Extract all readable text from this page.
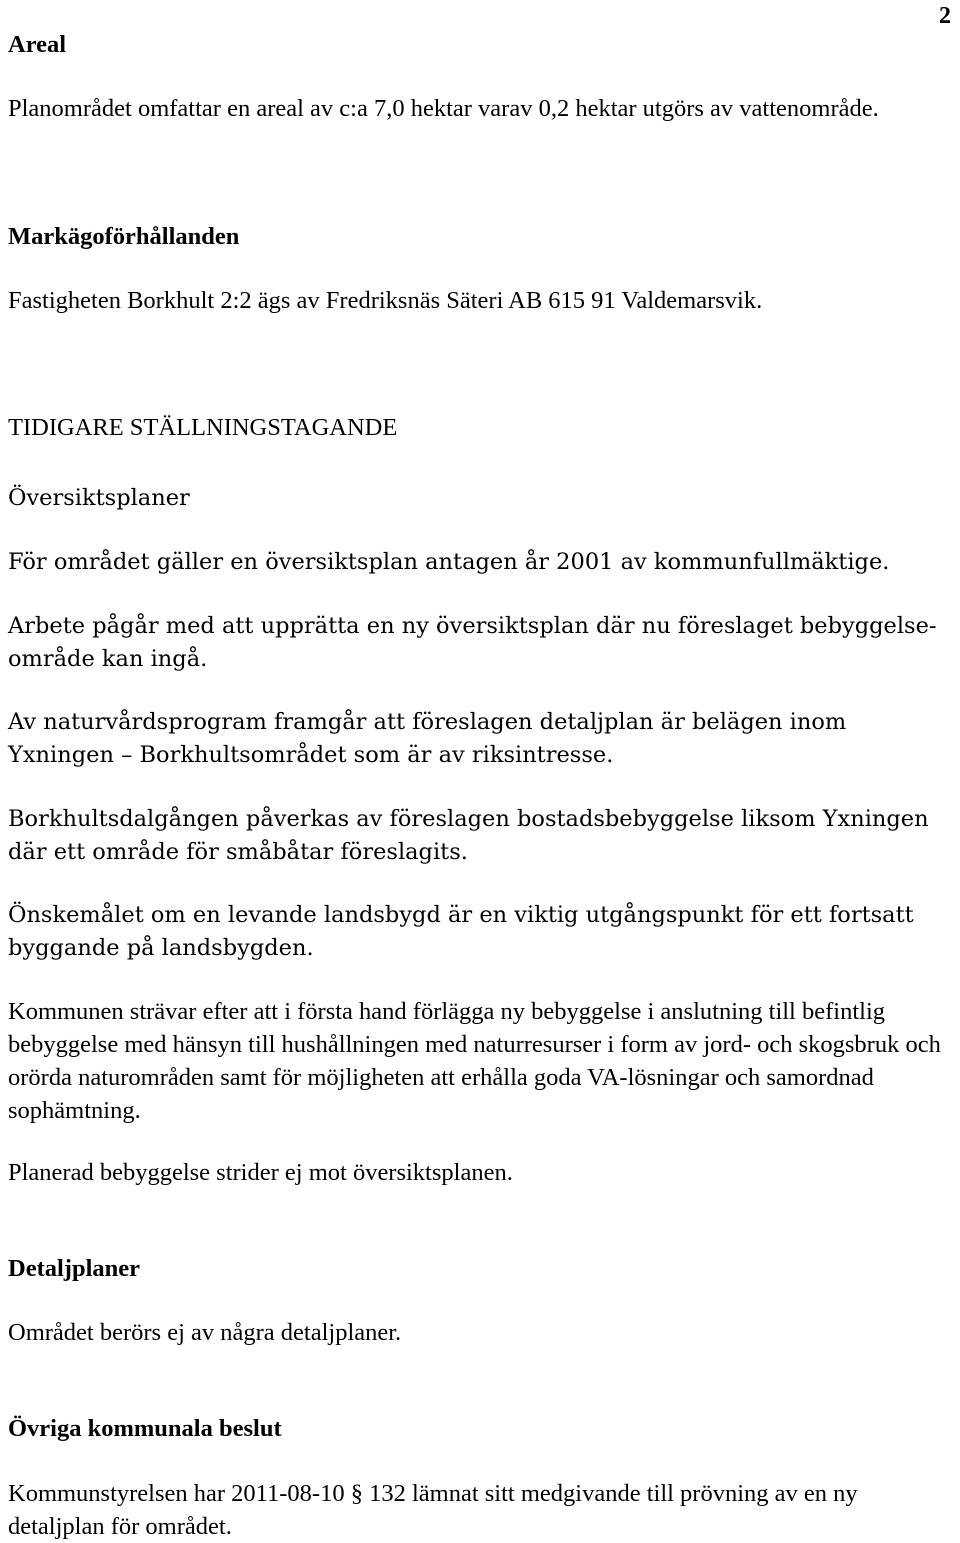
2
Areal

Planområdet omfattar en areal av c:a 7,0 hektar varav 0,2 hektar utgörs av vattenområde.

Markägoförhållanden

Fastigheten Borkhult 2:2 ägs av Fredriksnäs Säteri AB 615 91 Valdemarsvik.

TIDIGARE STÄLLNINGSTAGANDE
Översiktsplaner

För området gäller en översiktsplan antagen år 2001 av kommunfullmäktige.

Arbete pågår med att upprätta en ny översiktsplan där nu föreslaget bebyggelse-område kan ingå.

Av naturvårdsprogram framgår att föreslagen detaljplan är belägen inom Yxningen – Borkhultsområdet som är av riksintresse.

Borkhultsdalgången påverkas av föreslagen bostadsbebyggelse liksom Yxningen där ett område för småbåtar föreslagits.

Önskemålet om en levande landsbygd är en viktig utgångspunkt för ett fortsatt byggande på landsbygden.

Kommunen strävar efter att i första hand förlägga ny bebyggelse i anslutning till befintlig bebyggelse med hänsyn till hushållningen med naturresurser i form av jord- och skogsbruk och orörda naturområden samt för möjligheten att erhålla goda VA-lösningar och samordnad sophämtning.

Planerad bebyggelse strider ej mot översiktsplanen.

Detaljplaner

Området berörs ej av några detaljplaner.

Övriga kommunala beslut

Kommunstyrelsen har 2011-08-10 § 132 lämnat sitt medgivande till prövning av en ny detaljplan för området.
